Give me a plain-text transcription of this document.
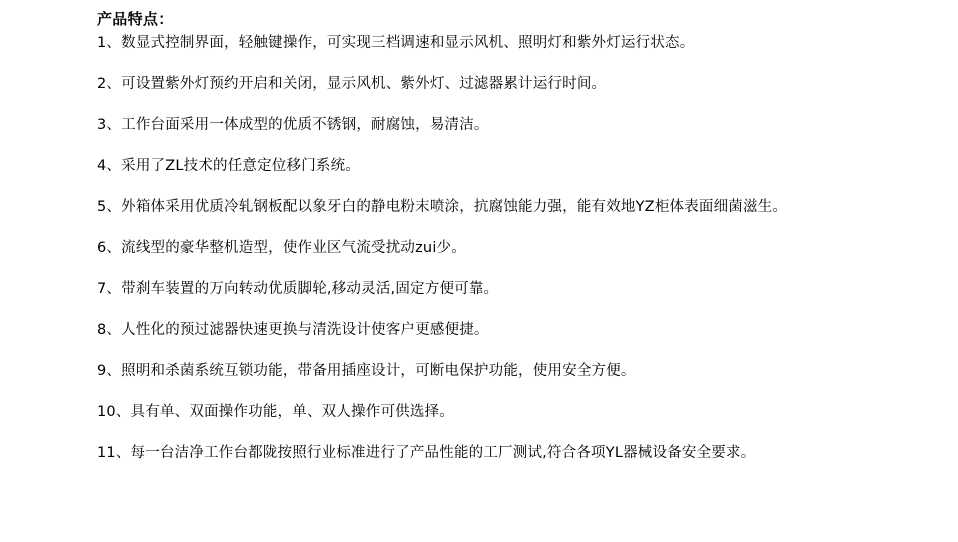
产品特点：
1、数显式控制界面，轻触键操作，可实现三档调速和显示风机、照明灯和紫外灯运行状态。
2、可设置紫外灯预约开启和关闭，显示风机、紫外灯、过滤器累计运行时间。
3、工作台面采用一体成型的优质不锈钢，耐腐蚀，易清洁。
4、采用了ZL技术的任意定位移门系统。
5、外箱体采用优质冷轧钢板配以象牙白的静电粉末喷涂，抗腐蚀能力强，能有效地YZ柜体表面细菌滋生。
6、流线型的豪华整机造型，使作业区气流受扰动zui少。
7、带刹车装置的万向转动优质脚轮,移动灵活,固定方便可靠。
8、人性化的预过滤器快速更换与清洗设计使客户更感便捷。
9、照明和杀菌系统互锁功能，带备用插座设计，可断电保护功能，使用安全方便。
10、具有单、双面操作功能，单、双人操作可供选择。
11、每一台洁净工作台都陇按照行业标准进行了产品性能的工厂测试,符合各项YL器械设备安全要求。
